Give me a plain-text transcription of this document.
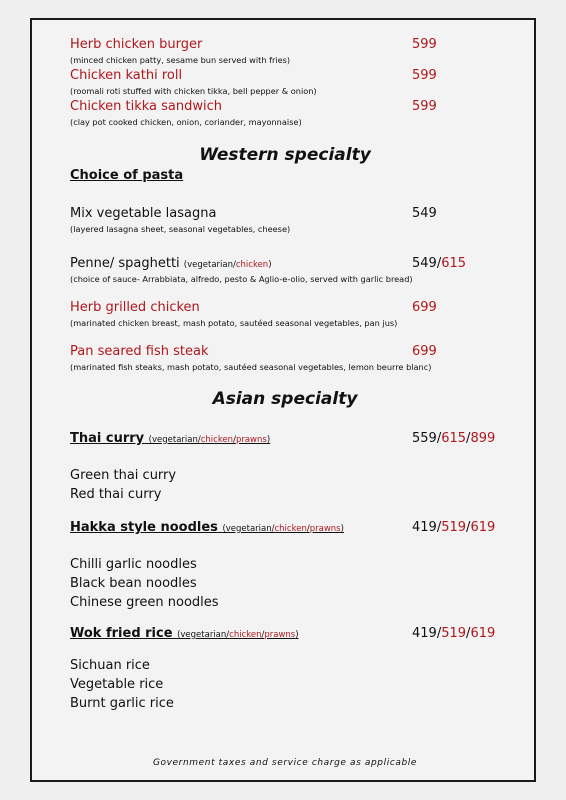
Herb chicken burger	599
(minced chicken patty, sesame bun served with fries)
Chicken kathi roll	599
(roomali roti stuffed with chicken tikka, bell pepper & onion)
Chicken tikka sandwich	599
(clay pot cooked chicken, onion, coriander, mayonnaise)
Western specialty
Choice of pasta
Mix vegetable lasagna	549
(layered lasagna sheet, seasonal vegetables, cheese)
Penne/ spaghetti (vegetarian/chicken)	549/615
(choice of sauce- Arrabbiata, alfredo, pesto & Aglio-e-olio, served with garlic bread)
Herb grilled chicken	699
(marinated chicken breast, mash potato, sautéed seasonal vegetables, pan jus)
Pan seared fish steak	699
(marinated fish steaks, mash potato, sautéed seasonal vegetables, lemon beurre blanc)
Asian specialty
Thai curry (vegetarian/chicken/prawns)	559/615/899
Green thai curry
Red thai curry
Hakka style noodles (vegetarian/chicken/prawns)	419/519/619
Chilli garlic noodles
Black bean noodles
Chinese green noodles
Wok fried rice (vegetarian/chicken/prawns)	419/519/619
Sichuan rice
Vegetable rice
Burnt garlic rice
Government taxes and service charge as applicable
